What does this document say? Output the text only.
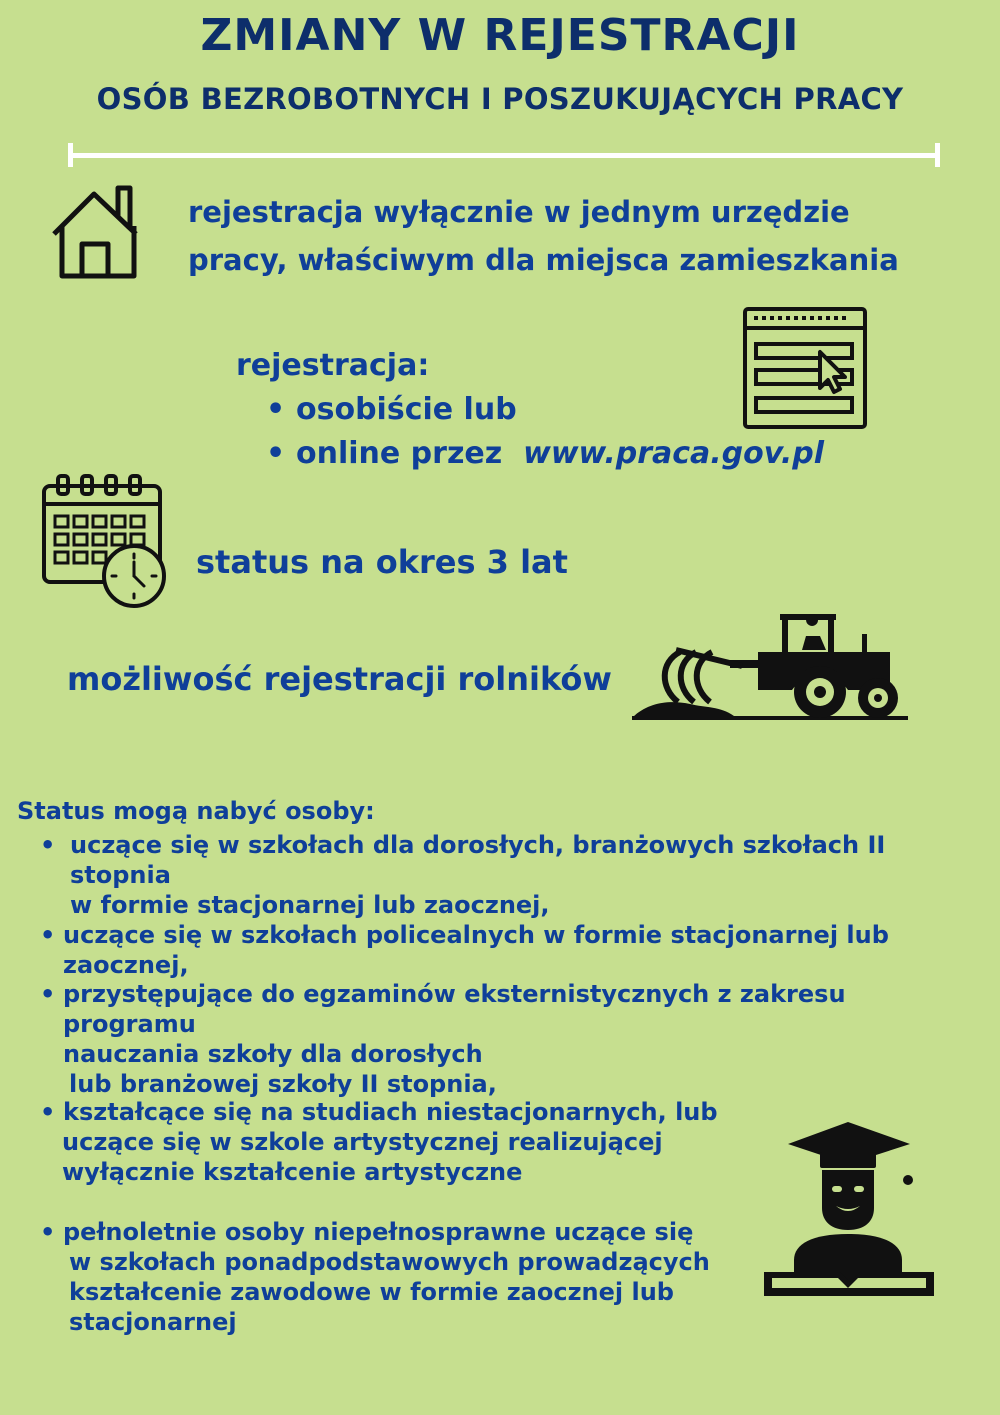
ZMIANY W REJESTRACJI
OSÓB BEZROBOTNYCH I POSZUKUJĄCYCH PRACY
rejestracja wyłącznie w jednym urzędzie
pracy, właściwym dla miejsca zamieszkania
rejestracja:
• osobiście lub
• online przez www.praca.gov.pl
status na okres 3 lat
możliwość rejestracji rolników
Status mogą nabyć osoby:
• uczące się w szkołach dla dorosłych, branżowych szkołach II stopnia
w formie stacjonarnej lub zaocznej,
• uczące się w szkołach policealnych w formie stacjonarnej lub zaocznej,
• przystępujące do egzaminów eksternistycznych z zakresu programu
nauczania szkoły dla dorosłych
lub branżowej szkoły II stopnia,
• kształcące się na studiach niestacjonarnych, lub
uczące się w szkole artystycznej realizującej
wyłącznie kształcenie artystyczne
• pełnoletnie osoby niepełnosprawne uczące się
w szkołach ponadpodstawowych prowadzących
kształcenie zawodowe w formie zaocznej lub
stacjonarnej
